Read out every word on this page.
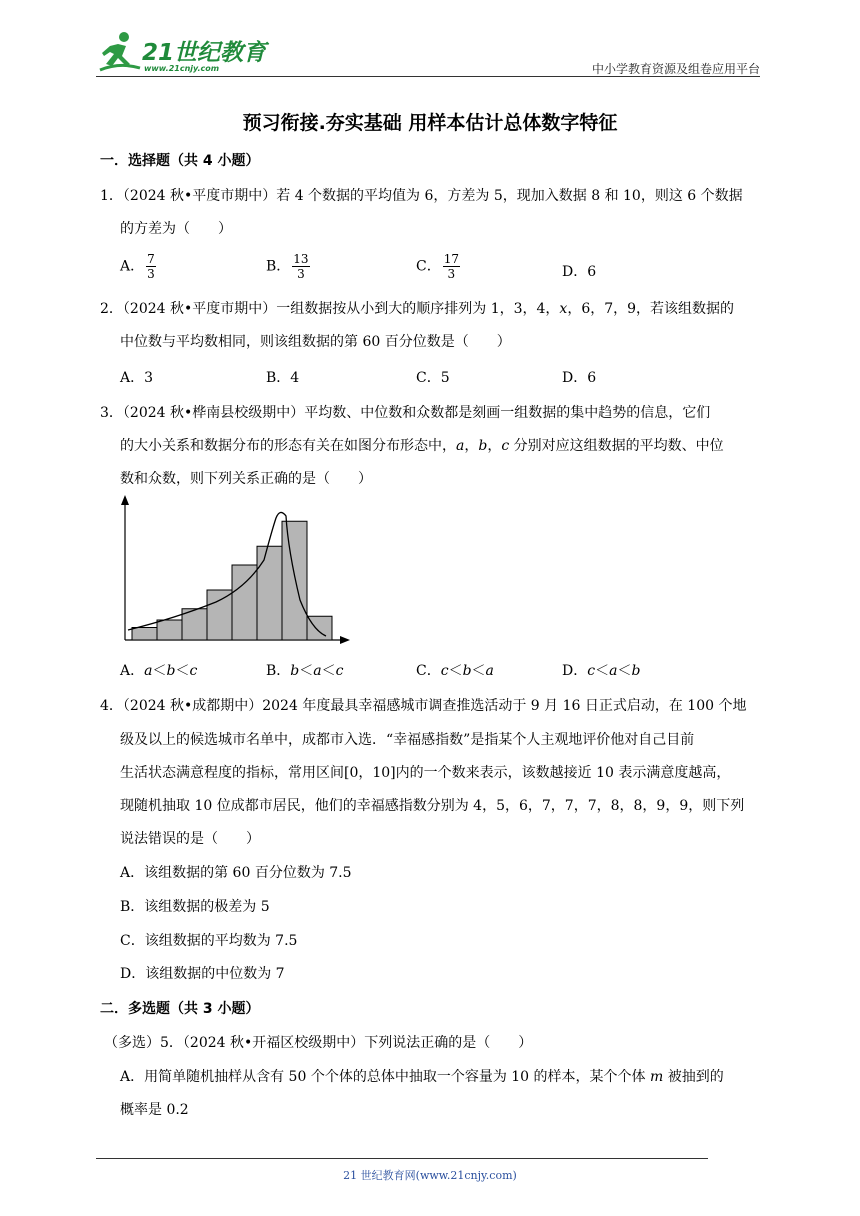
21世纪教育
www.21cnjy.com	中小学教育资源及组卷应用平台
预习衔接.夯实基础 用样本估计总体数字特征
一．选择题（共 4 小题）
1．（2024 秋•平度市期中）若 4 个数据的平均值为 6，方差为 5，现加入数据 8 和 10，则这 6 个数据
的方差为（　　）
A． $\frac{7}{3}$	B． $\frac{13}{3}$	C． $\frac{17}{3}$	D．6
2．（2024 秋•平度市期中）一组数据按从小到大的顺序排列为 1，3，4，x，6，7，9，若该组数据的
中位数与平均数相同，则该组数据的第 60 百分位数是（　　）
A．3	B．4	C．5	D．6
3．（2024 秋•桦南县校级期中）平均数、中位数和众数都是刻画一组数据的集中趋势的信息，它们
的大小关系和数据分布的形态有关在如图分布形态中，a，b，c 分别对应这组数据的平均数、中位
数和众数，则下列关系正确的是（　　）
A．a＜b＜c	B．b＜a＜c	C．c＜b＜a	D．c＜a＜b
4．（2024 秋•成都期中）2024 年度最具幸福感城市调查推选活动于 9 月 16 日正式启动，在 100 个地
级及以上的候选城市名单中，成都市入选．“幸福感指数”是指某个人主观地评价他对自己目前
生活状态满意程度的指标，常用区间[0，10]内的一个数来表示，该数越接近 10 表示满意度越高，
现随机抽取 10 位成都市居民，他们的幸福感指数分别为 4，5，6，7，7，7，8，8，9，9，则下列
说法错误的是（　　）
A．该组数据的第 60 百分位数为 7.5
B．该组数据的极差为 5
C．该组数据的平均数为 7.5
D．该组数据的中位数为 7
二．多选题（共 3 小题）
（多选）5．（2024 秋•开福区校级期中）下列说法正确的是（　　）
A．用简单随机抽样从含有 50 个个体的总体中抽取一个容量为 10 的样本，某个个体 m 被抽到的
概率是 0.2
21 世纪教育网(www.21cnjy.com)
